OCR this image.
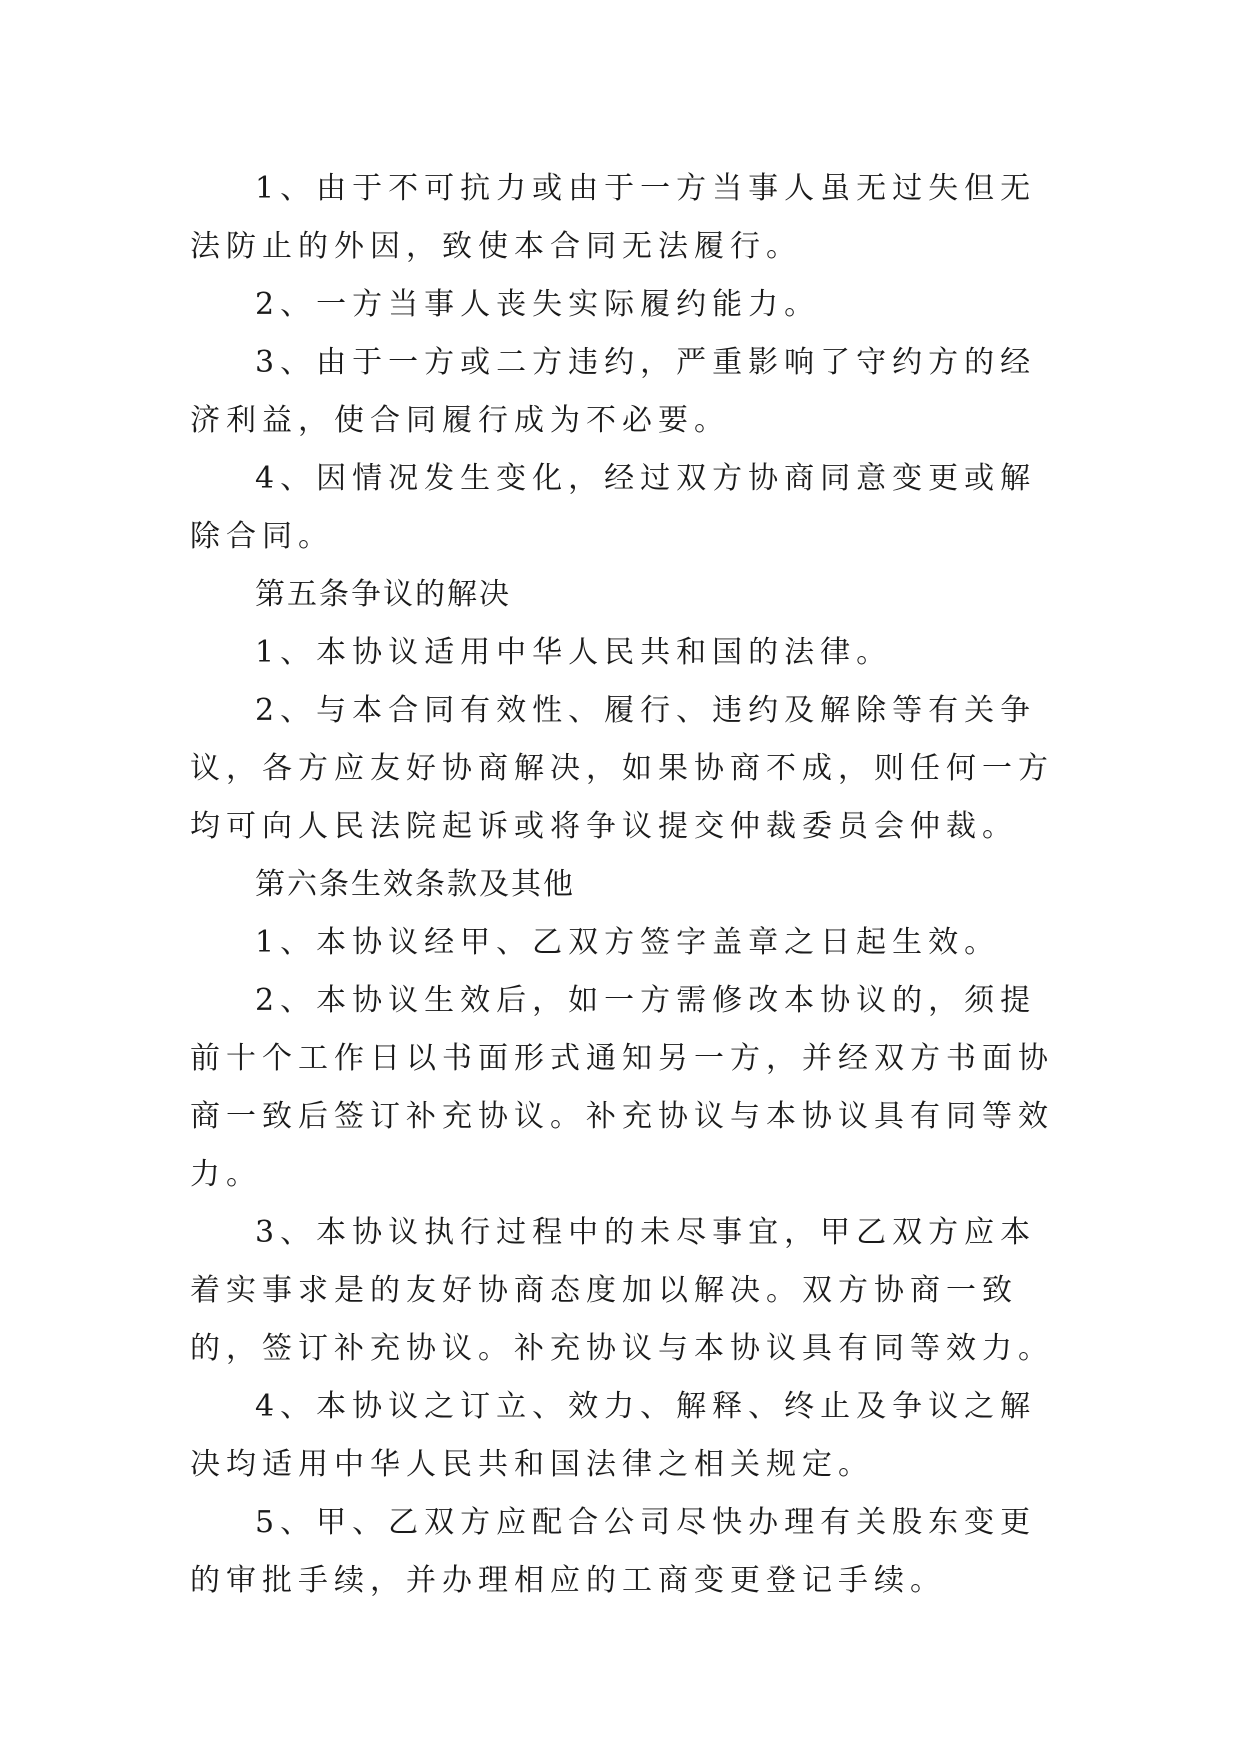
1、由于不可抗力或由于一方当事人虽无过失但无法防止的外因，致使本合同无法履行。

2、一方当事人丧失实际履约能力。

3、由于一方或二方违约，严重影响了守约方的经济利益，使合同履行成为不必要。

4、因情况发生变化，经过双方协商同意变更或解除合同。

第五条争议的解决

1、本协议适用中华人民共和国的法律。

2、与本合同有效性、履行、违约及解除等有关争议，各方应友好协商解决，如果协商不成，则任何一方均可向人民法院起诉或将争议提交仲裁委员会仲裁。

第六条生效条款及其他

1、本协议经甲、乙双方签字盖章之日起生效。

2、本协议生效后，如一方需修改本协议的，须提前十个工作日以书面形式通知另一方，并经双方书面协商一致后签订补充协议。补充协议与本协议具有同等效力。

3、本协议执行过程中的未尽事宜，甲乙双方应本着实事求是的友好协商态度加以解决。双方协商一致的，签订补充协议。补充协议与本协议具有同等效力。

4、本协议之订立、效力、解释、终止及争议之解决均适用中华人民共和国法律之相关规定。

5、甲、乙双方应配合公司尽快办理有关股东变更的审批手续，并办理相应的工商变更登记手续。
